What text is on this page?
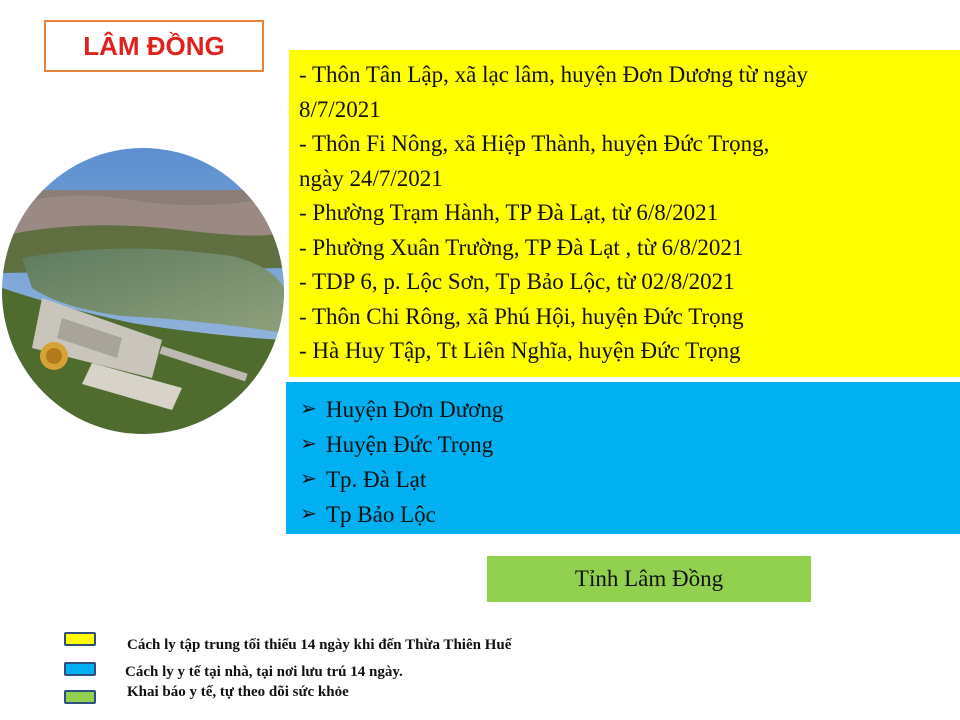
LÂM ĐỒNG
- Thôn Tân Lập, xã lạc lâm, huyện Đơn Dương từ ngày
8/7/2021
- Thôn Fi Nông, xã Hiệp Thành, huyện Đức Trọng,
ngày 24/7/2021
- Phường Trạm Hành, TP Đà Lạt, từ 6/8/2021
- Phường Xuân Trường, TP Đà Lạt , từ 6/8/2021
- TDP 6, p. Lộc Sơn, Tp Bảo Lộc, từ 02/8/2021
- Thôn Chi Rông, xã Phú Hội, huyện Đức Trọng
- Hà Huy Tập, Tt Liên Nghĩa, huyện Đức Trọng
➢ Huyện Đơn Dương
➢ Huyện Đức Trọng
➢ Tp. Đà Lạt
➢ Tp Bảo Lộc
Tỉnh Lâm Đồng
Cách ly tập trung tối thiểu 14 ngày khi đến Thừa Thiên Huế
Cách ly y tế tại nhà, tại nơi lưu trú 14 ngày.
Khai báo y tế, tự theo dõi sức khỏe
